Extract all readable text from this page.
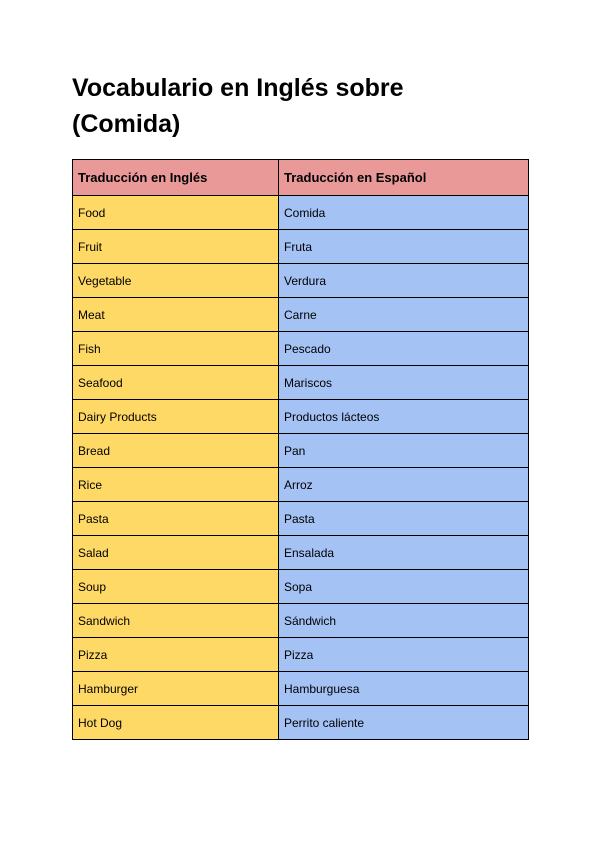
Vocabulario en Inglés sobre
(Comida)
Traducción en Inglés	Traducción en Español
Food	Comida
Fruit	Fruta
Vegetable	Verdura
Meat	Carne
Fish	Pescado
Seafood	Mariscos
Dairy Products	Productos lácteos
Bread	Pan
Rice	Arroz
Pasta	Pasta
Salad	Ensalada
Soup	Sopa
Sandwich	Sándwich
Pizza	Pizza
Hamburger	Hamburguesa
Hot Dog	Perrito caliente
